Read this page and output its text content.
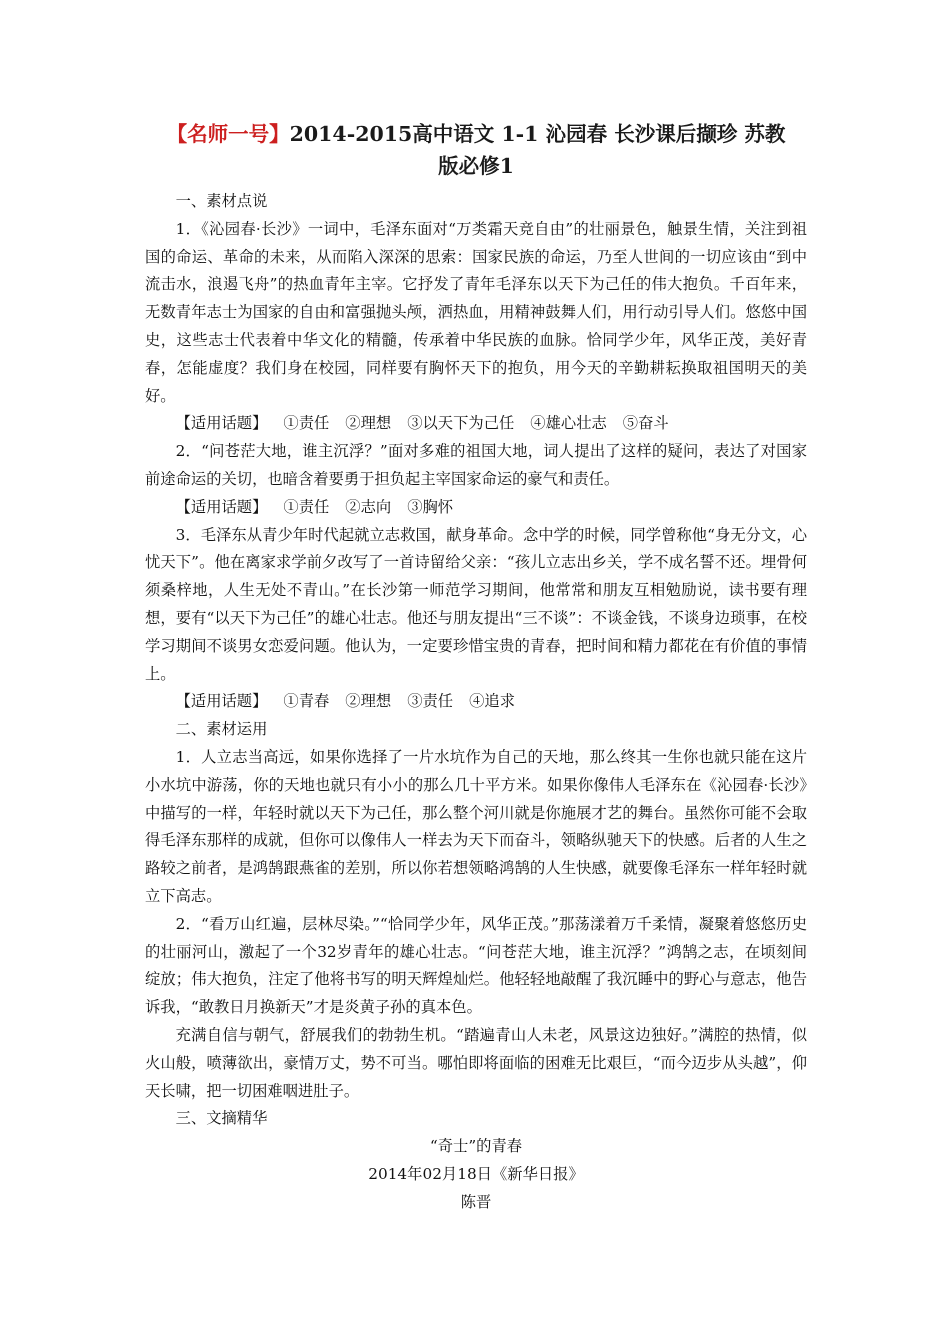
【名师一号】2014-2015高中语文 1-1 沁园春 长沙课后撷珍 苏教
版必修1

一、素材点说

1．《沁园春·长沙》一词中，毛泽东面对“万类霜天竞自由”的壮丽景色，触景生情，关注到祖国的命运、革命的未来，从而陷入深深的思索：国家民族的命运，乃至人世间的一切应该由“到中流击水，浪遏飞舟”的热血青年主宰。它抒发了青年毛泽东以天下为己任的伟大抱负。千百年来，无数青年志士为国家的自由和富强抛头颅，洒热血，用精神鼓舞人们，用行动引导人们。悠悠中国史，这些志士代表着中华文化的精髓，传承着中华民族的血脉。恰同学少年，风华正茂，美好青春，怎能虚度？我们身在校园，同样要有胸怀天下的抱负，用今天的辛勤耕耘换取祖国明天的美好。

【适用话题】 ①责任 ②理想 ③以天下为己任 ④雄心壮志 ⑤奋斗

2．“问苍茫大地，谁主沉浮？”面对多难的祖国大地，词人提出了这样的疑问，表达了对国家前途命运的关切，也暗含着要勇于担负起主宰国家命运的豪气和责任。

【适用话题】 ①责任 ②志向 ③胸怀

3．毛泽东从青少年时代起就立志救国，献身革命。念中学的时候，同学曾称他“身无分文，心忧天下”。他在离家求学前夕改写了一首诗留给父亲：“孩儿立志出乡关，学不成名誓不还。埋骨何须桑梓地，人生无处不青山。”在长沙第一师范学习期间，他常常和朋友互相勉励说，读书要有理想，要有“以天下为己任”的雄心壮志。他还与朋友提出“三不谈”：不谈金钱，不谈身边琐事，在校学习期间不谈男女恋爱问题。他认为，一定要珍惜宝贵的青春，把时间和精力都花在有价值的事情上。

【适用话题】 ①青春 ②理想 ③责任 ④追求

二、素材运用

1．人立志当高远，如果你选择了一片水坑作为自己的天地，那么终其一生你也就只能在这片小水坑中游荡，你的天地也就只有小小的那么几十平方米。如果你像伟人毛泽东在《沁园春·长沙》中描写的一样，年轻时就以天下为己任，那么整个河川就是你施展才艺的舞台。虽然你可能不会取得毛泽东那样的成就，但你可以像伟人一样去为天下而奋斗，领略纵驰天下的快感。后者的人生之路较之前者，是鸿鹄跟燕雀的差别，所以你若想领略鸿鹄的人生快感，就要像毛泽东一样年轻时就立下高志。

2．“看万山红遍，层林尽染。”“恰同学少年，风华正茂。”那荡漾着万千柔情，凝聚着悠悠历史的壮丽河山，激起了一个32岁青年的雄心壮志。“问苍茫大地，谁主沉浮？”鸿鹄之志，在顷刻间绽放；伟大抱负，注定了他将书写的明天辉煌灿烂。他轻轻地敲醒了我沉睡中的野心与意志，他告诉我，“敢教日月换新天”才是炎黄子孙的真本色。

充满自信与朝气，舒展我们的勃勃生机。“踏遍青山人未老，风景这边独好。”满腔的热情，似火山般，喷薄欲出，豪情万丈，势不可当。哪怕即将面临的困难无比艰巨，“而今迈步从头越”，仰天长啸，把一切困难咽进肚子。

三、文摘精华

“奇士”的青春

2014年02月18日《新华日报》

陈晋
